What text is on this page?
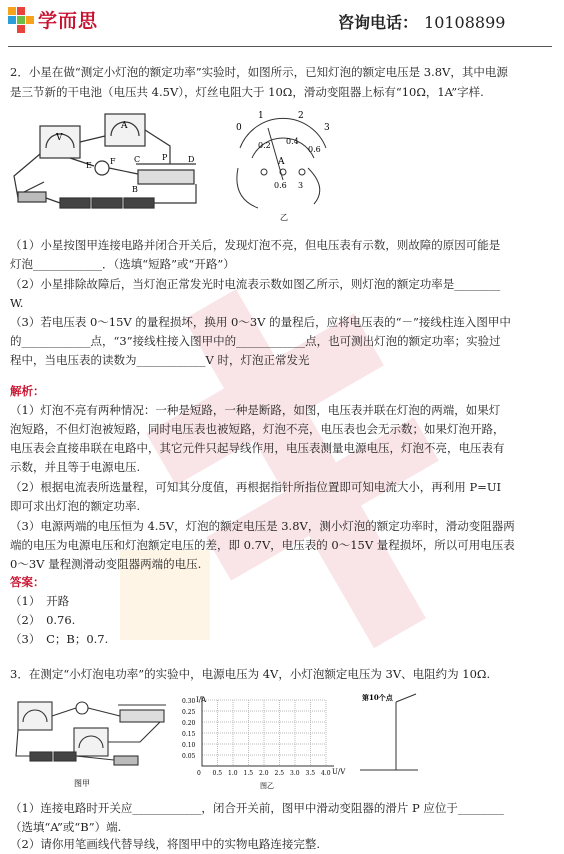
学而思	咨询电话： 10108899
2．小星在做“测定小灯泡的额定功率”实验时，如图所示，已知灯泡的额定电压是 3.8V，其中电源
是三节新的干电池（电压共 4.5V），灯丝电阻大于 10Ω，滑动变阻器上标有“10Ω，1A”字样.
V
A
E F C	D
B
P
0
1	2
3
0.2 0.4
0.6
A
0.6 3
乙
（1）小星按图甲连接电路并闭合开关后，发现灯泡不亮，但电压表有示数，则故障的原因可能是
灯泡____________．（选填“短路”或“开路”）
（2）小星排除故障后，当灯泡正常发光时电流表示数如图乙所示，则灯泡的额定功率是________
W.
（3）若电压表 0～15V 的量程损坏，换用 0～3V 的量程后，应将电压表的“－”接线柱连入图甲中
的____________点，“3”接线柱接入图甲中的____________点，也可测出灯泡的额定功率；实验过
程中，当电压表的读数为____________V 时，灯泡正常发光
解析：
（1）灯泡不亮有两种情况：一种是短路，一种是断路，如图，电压表并联在灯泡的两端，如果灯
泡短路，不但灯泡被短路，同时电压表也被短路，灯泡不亮，电压表也会无示数；如果灯泡开路，
电压表会直接串联在电路中，其它元件只起导线作用，电压表测量电源电压，灯泡不亮，电压表有
示数，并且等于电源电压.
（2）根据电流表所选量程，可知其分度值，再根据指针所指位置即可知电流大小，再利用 P=UI
即可求出灯泡的额定功率.
（3）电源两端的电压恒为 4.5V，灯泡的额定电压是 3.8V，测小灯泡的额定功率时，滑动变阻器两
端的电压为电源电压和灯泡额定电压的差，即 0.7V，电压表的 0～15V 量程损坏，所以可用电压表
0～3V 量程测滑动变阻器两端的电压.
答案：
（1）　开路
（2）　0.76.
（3）　C；B；0.7.
3．在测定“小灯泡电功率”的实验中，电源电压为 4V，小灯泡额定电压为 3V、电阻约为 10Ω.
图甲
0 0.5 1.0 1.5 2.0 2.5 3.0 3.5 4.0
0.30
0.25
0.20
0.15
0.10
0.05
I/A
U/V
图乙
第10个点
（1）连接电路时开关应____________，闭合开关前，图甲中滑动变阻器的滑片 P 应位于________
（选填“A”或“B”）端.
（2）请你用笔画线代替导线，将图甲中的实物电路连接完整.
